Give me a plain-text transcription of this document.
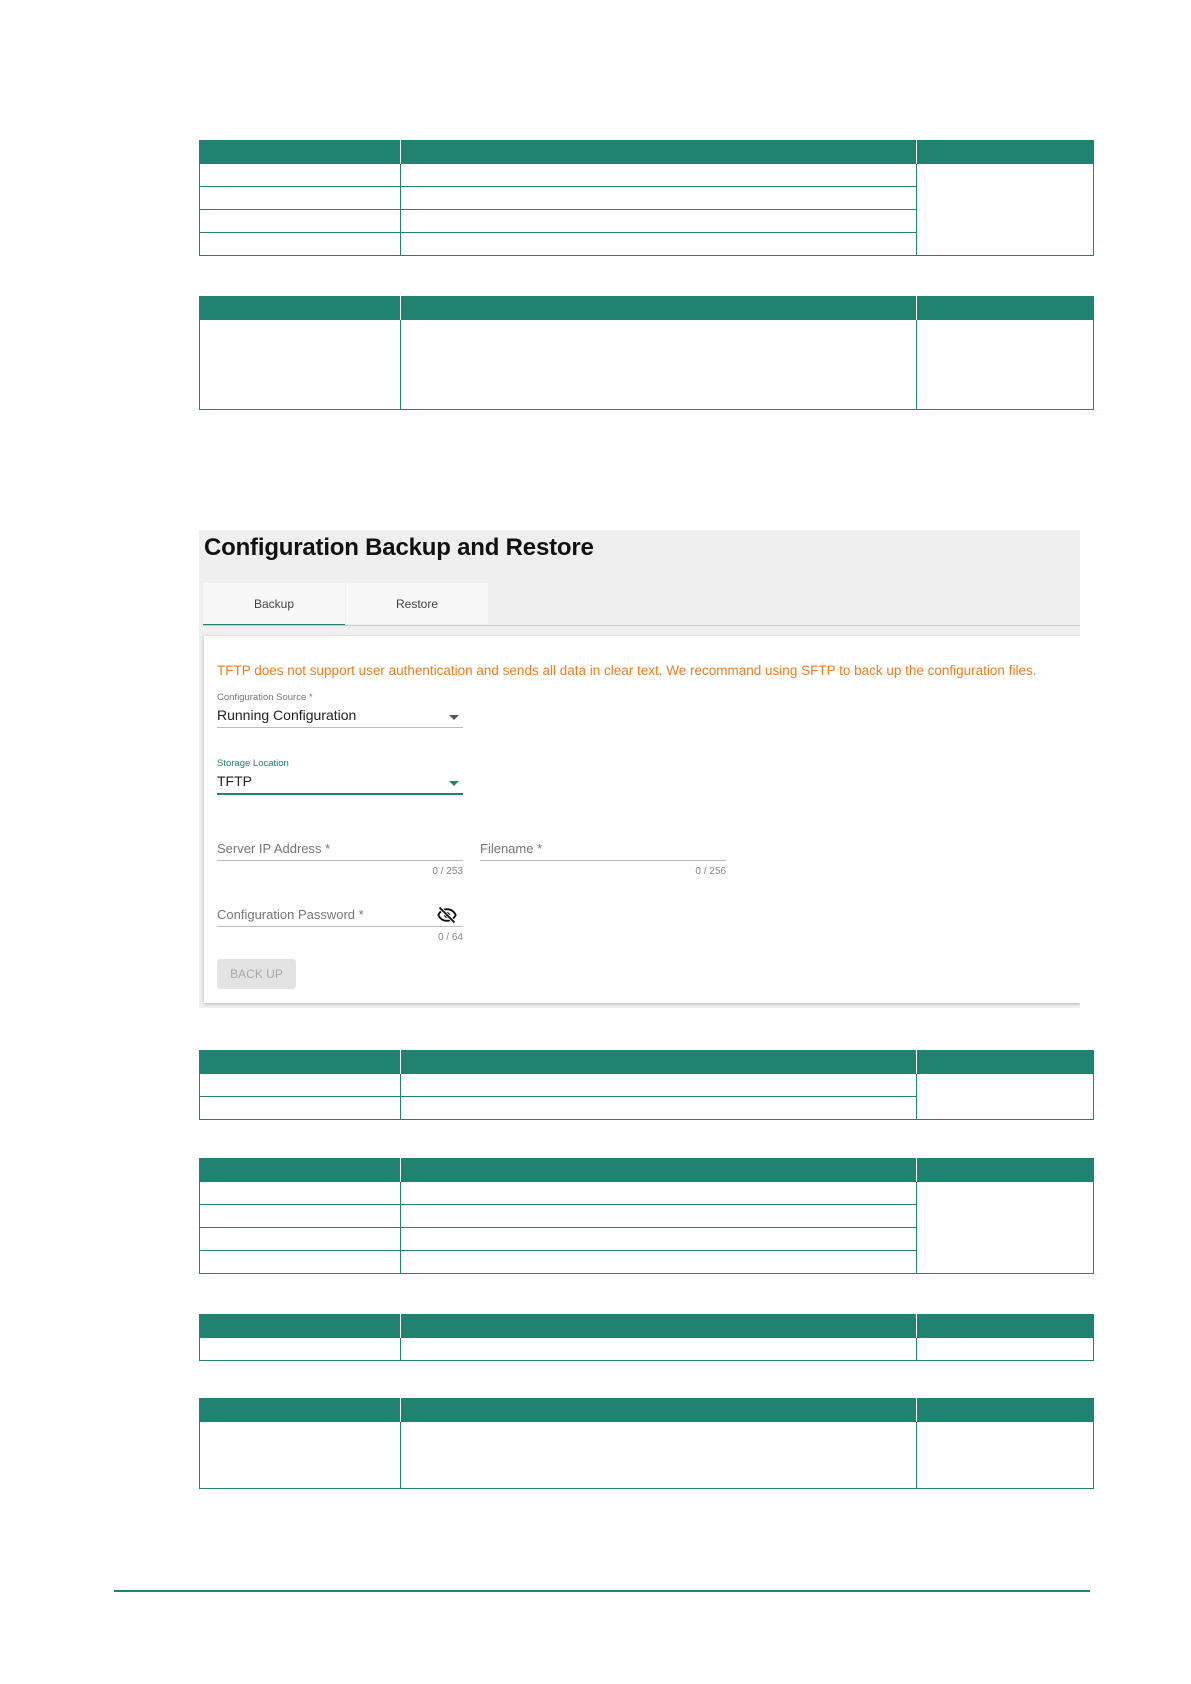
Configuration Backup and Restore
Backup	Restore
TFTP does not support user authentication and sends all data in clear text. We recommand using SFTP to back up the configuration files.
Configuration Source *
Running Configuration
Storage Location
TFTP
Server IP Address *
0 / 253
Filename *
0 / 256
Configuration Password *
0 / 64
BACK UP
